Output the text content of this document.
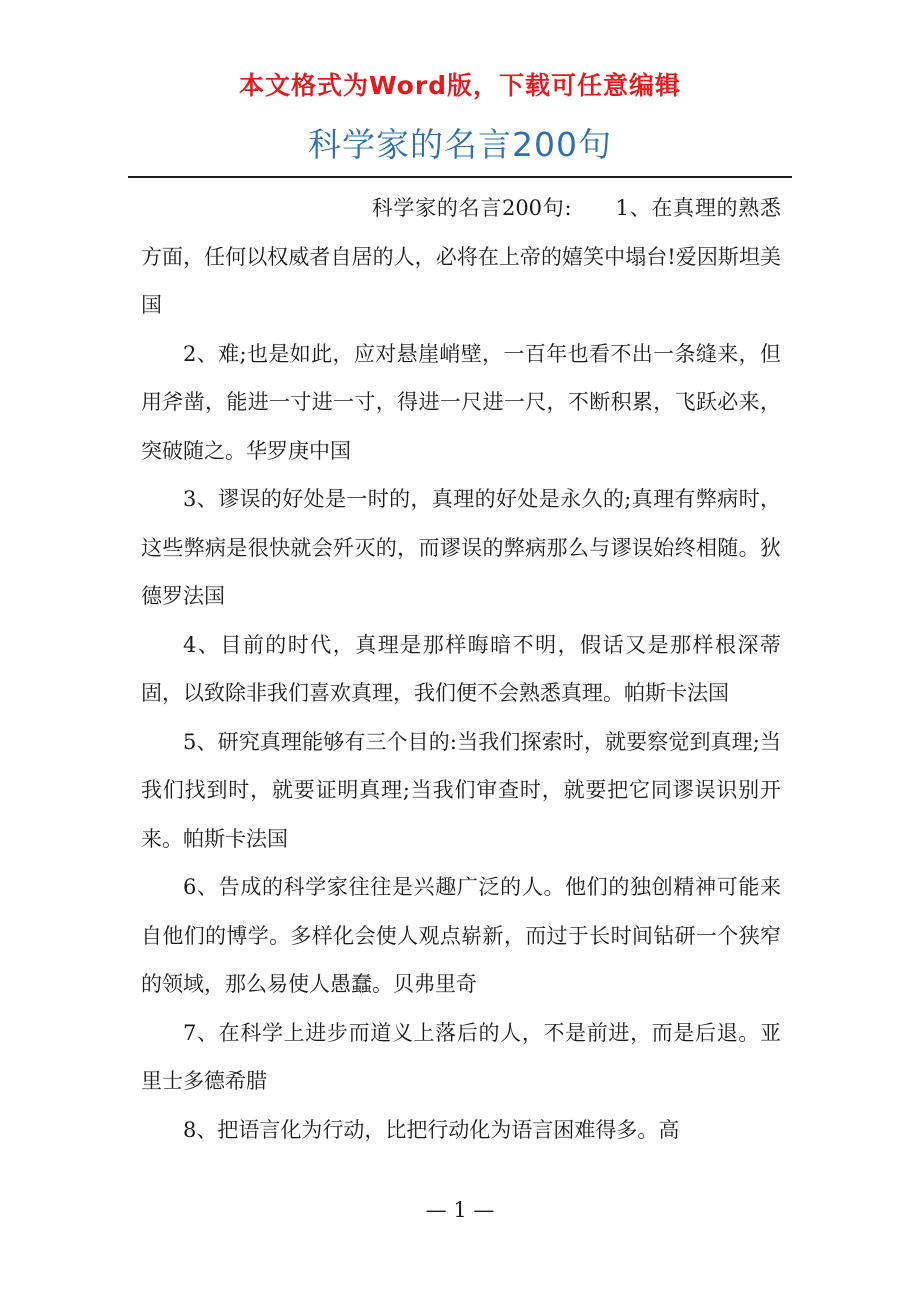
本文格式为Word版，下载可任意编辑
科学家的名言200句

科学家的名言200句:　　 1、在真理的熟悉方面，任何以权威者自居的人，必将在上帝的嬉笑中塌台!爱因斯坦美国

2、难;也是如此，应对悬崖峭壁，一百年也看不出一条缝来，但用斧凿，能进一寸进一寸，得进一尺进一尺，不断积累，飞跃必来，突破随之。华罗庚中国

3、谬误的好处是一时的，真理的好处是永久的;真理有弊病时，这些弊病是很快就会歼灭的，而谬误的弊病那么与谬误始终相随。狄德罗法国

4、目前的时代，真理是那样晦暗不明，假话又是那样根深蒂固，以致除非我们喜欢真理，我们便不会熟悉真理。帕斯卡法国

5、研究真理能够有三个目的:当我们探索时，就要察觉到真理;当我们找到时，就要证明真理;当我们审查时，就要把它同谬误识别开来。帕斯卡法国

6、告成的科学家往往是兴趣广泛的人。他们的独创精神可能来自他们的博学。多样化会使人观点崭新，而过于长时间钻研一个狭窄的领域，那么易使人愚蠢。贝弗里奇

7、在科学上进步而道义上落后的人，不是前进，而是后退。亚里士多德希腊

8、把语言化为行动，比把行动化为语言困难得多。高

— 1 —
